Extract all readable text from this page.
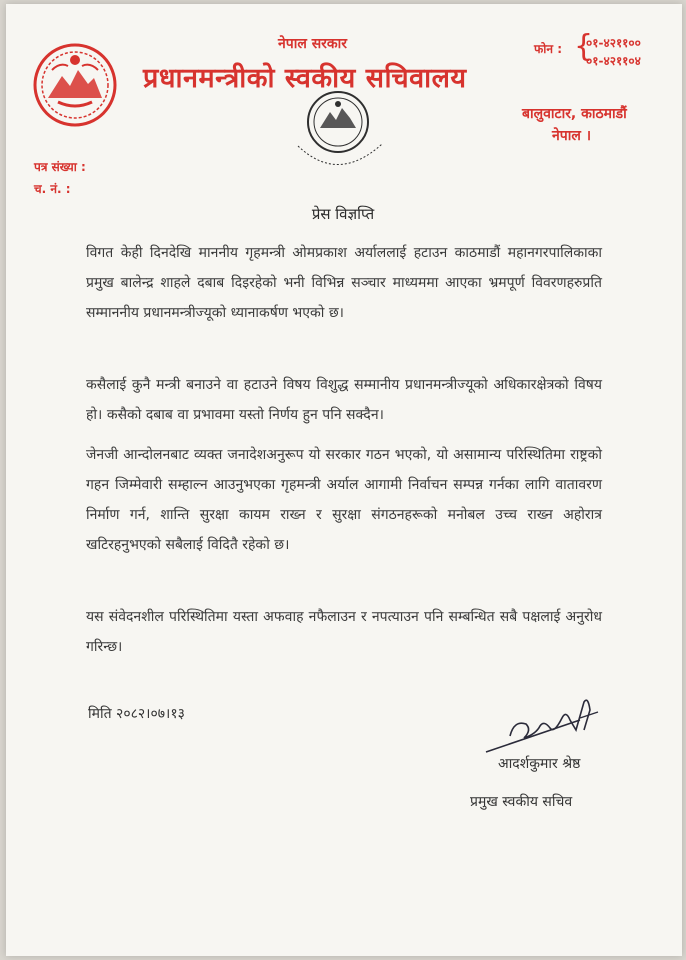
नेपाल सरकार
प्रधानमन्त्रीको स्वकीय सचिवालय
फोन : {
०१-४२११००
०१-४२११०४
बालुवाटार, काठमाडौं
नेपाल ।
पत्र संख्या :
च. नं. :
प्रेस विज्ञप्ति

विगत केही दिनदेखि माननीय गृहमन्त्री ओमप्रकाश अर्याललाई हटाउन काठमाडौं महानगरपालिकाका प्रमुख बालेन्द्र शाहले दबाब दिइरहेको भनी विभिन्न सञ्चार माध्यममा आएका भ्रमपूर्ण विवरणहरुप्रति सम्माननीय प्रधानमन्त्रीज्यूको ध्यानाकर्षण भएको छ।

कसैलाई कुनै मन्त्री बनाउने वा हटाउने विषय विशुद्ध सम्मानीय प्रधानमन्त्रीज्यूको अधिकारक्षेत्रको विषय हो। कसैको दबाब वा प्रभावमा यस्तो निर्णय हुन पनि सक्दैन।

जेनजी आन्दोलनबाट व्यक्त जनादेशअनुरूप यो सरकार गठन भएको, यो असामान्य परिस्थितिमा राष्ट्रको गहन जिम्मेवारी सम्हाल्न आउनुभएका गृहमन्त्री अर्याल आगामी निर्वाचन सम्पन्न गर्नका लागि वातावरण निर्माण गर्न, शान्ति सुरक्षा कायम राख्न र सुरक्षा संगठनहरूको मनोबल उच्च राख्न अहोरात्र खटिरहनुभएको सबैलाई विदितै रहेको छ।

यस संवेदनशील परिस्थितिमा यस्ता अफवाह नफैलाउन र नपत्याउन पनि सम्बन्धित सबै पक्षलाई अनुरोध गरिन्छ।

मिति २०८२।०७।१३
आदर्शकुमार श्रेष्ठ
प्रमुख स्वकीय सचिव
